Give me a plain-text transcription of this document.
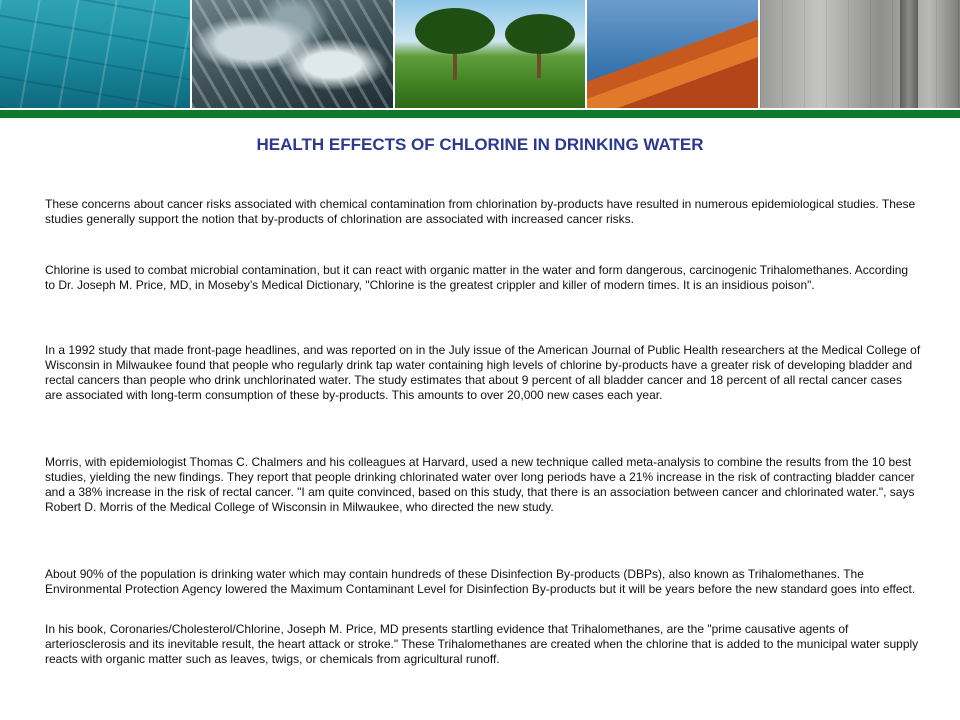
HEALTH EFFECTS OF CHLORINE IN DRINKING WATER

These concerns about cancer risks associated with chemical contamination from chlorination by-products have resulted in numerous epidemiological studies. These studies generally support the notion that by-products of chlorination are associated with increased cancer risks.

Chlorine is used to combat microbial contamination, but it can react with organic matter in the water and form dangerous, carcinogenic Trihalomethanes. According to Dr. Joseph M. Price, MD, in Moseby’s Medical Dictionary, "Chlorine is the greatest crippler and killer of modern times. It is an insidious poison".

In a 1992 study that made front-page headlines, and was reported on in the July issue of the American Journal of Public Health researchers at the Medical College of Wisconsin in Milwaukee found that people who regularly drink tap water containing high levels of chlorine by-products have a greater risk of developing bladder and rectal cancers than people who drink unchlorinated water. The study estimates that about 9 percent of all bladder cancer and 18 percent of all rectal cancer cases are associated with long-term consumption of these by-products. This amounts to over 20,000 new cases each year.

Morris, with epidemiologist Thomas C. Chalmers and his colleagues at Harvard, used a new technique called meta-analysis to combine the results from the 10 best studies, yielding the new findings. They report that people drinking chlorinated water over long periods have a 21% increase in the risk of contracting bladder cancer and a 38% increase in the risk of rectal cancer. "I am quite convinced, based on this study, that there is an association between cancer and chlorinated water.", says Robert D. Morris of the Medical College of Wisconsin in Milwaukee, who directed the new study.

About 90% of the population is drinking water which may contain hundreds of these Disinfection By-products (DBPs), also known as Trihalomethanes. The Environmental Protection Agency lowered the Maximum Contaminant Level for Disinfection By-products but it will be years before the new standard goes into effect.

In his book, Coronaries/Cholesterol/Chlorine, Joseph M. Price, MD presents startling evidence that Trihalomethanes, are the "prime causative agents of arteriosclerosis and its inevitable result, the heart attack or stroke." These Trihalomethanes are created when the chlorine that is added to the municipal water supply reacts with organic matter such as leaves, twigs, or chemicals from agricultural runoff.
